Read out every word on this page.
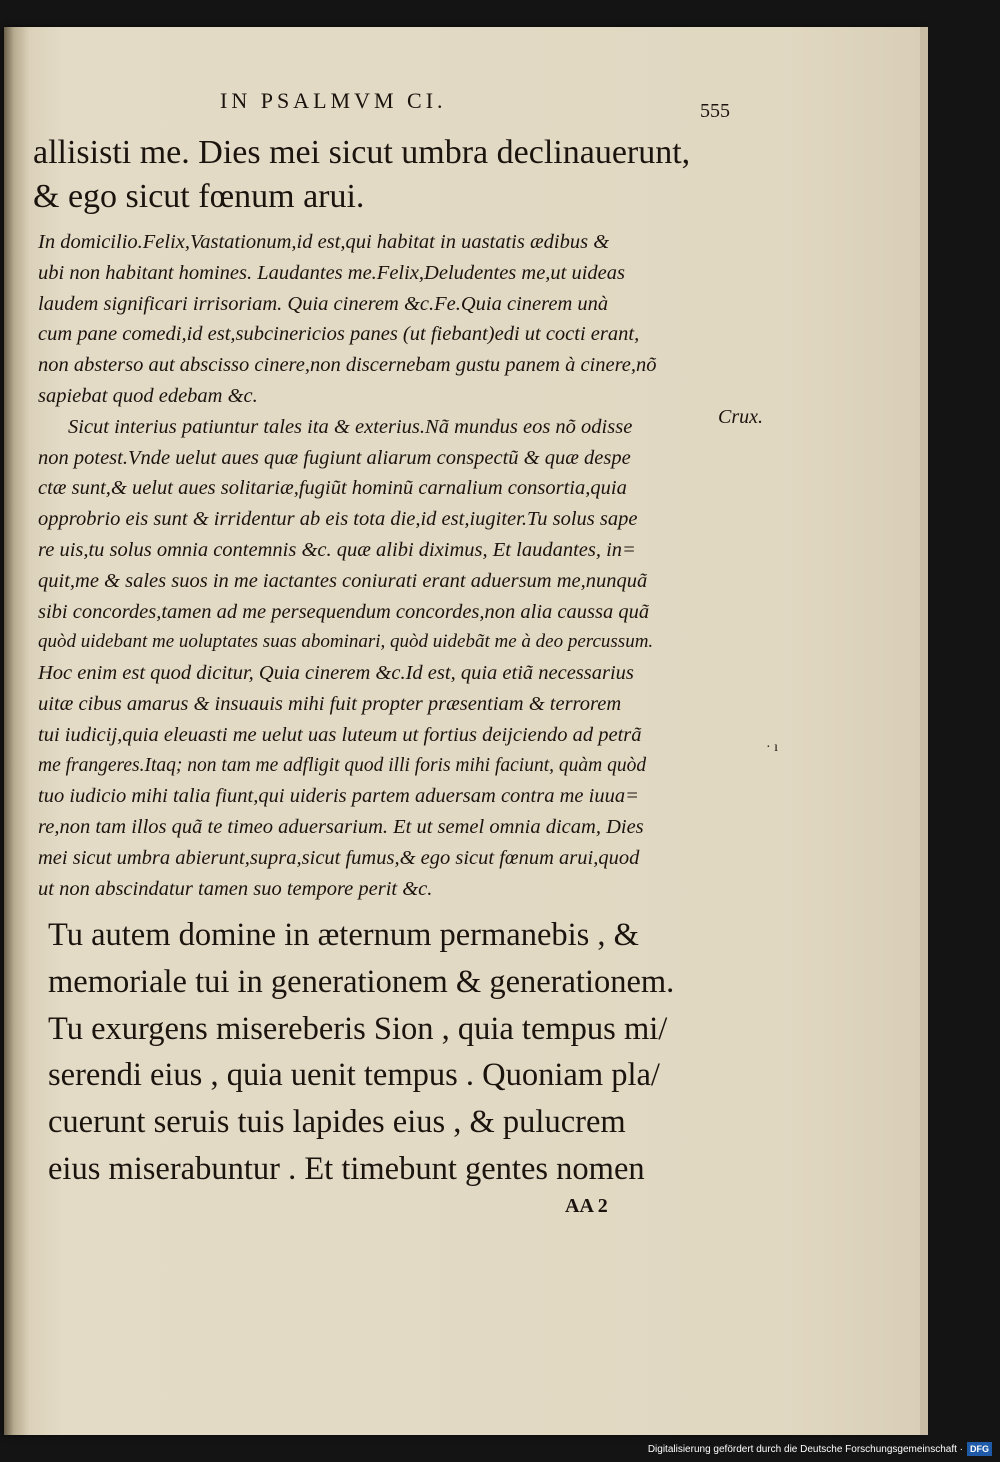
IN PSALMVM CI.	555
allisisti me. Dies mei sicut umbra declinauerunt,
& ego sicut fœnum arui.
In domicilio.Felix,Vastationum,id est,qui habitat in uastatis ædibus &
ubi non habitant homines. Laudantes me.Felix,Deludentes me,ut uideas
laudem significari irrisoriam. Quia cinerem &c.Fe.Quia cinerem unà
cum pane comedi,id est,subcinericios panes (ut fiebant)edi ut cocti erant,
non absterso aut abscisso cinere,non discernebam gustu panem à cinere,nõ
sapiebat quod edebam &c.
Sicut interius patiuntur tales ita & exterius.Nã mundus eos nõ odisse
non potest.Vnde uelut aues quæ fugiunt aliarum conspectũ & quæ despe
ctæ sunt,& uelut aues solitariæ,fugiũt hominũ carnalium consortia,quia
opprobrio eis sunt & irridentur ab eis tota die,id est,iugiter.Tu solus sape
re uis,tu solus omnia contemnis &c. quæ alibi diximus, Et laudantes, in=
quit,me & sales suos in me iactantes coniurati erant aduersum me,nunquã
sibi concordes,tamen ad me persequendum concordes,non alia caussa quã
quòd uidebant me uoluptates suas abominari, quòd uidebãt me à deo percussum.
Hoc enim est quod dicitur, Quia cinerem &c.Id est, quia etiã necessarius
uitæ cibus amarus & insuauis mihi fuit propter præsentiam & terrorem
tui iudicij,quia eleuasti me uelut uas luteum ut fortius deijciendo ad petrã
me frangeres.Itaq; non tam me adfligit quod illi foris mihi faciunt, quàm quòd
tuo iudicio mihi talia fiunt,qui uideris partem aduersam contra me iuua=
re,non tam illos quã te timeo aduersarium. Et ut semel omnia dicam, Dies
mei sicut umbra abierunt,supra,sicut fumus,& ego sicut fœnum arui,quod
ut non abscindatur tamen suo tempore perit &c.
Crux.
· ı
Tu autem domine in æternum permanebis , &
memoriale tui in generationem & generationem.
Tu exurgens misereberis Sion , quia tempus mi/
serendi eius , quia uenit tempus . Quoniam pla/
cuerunt seruis tuis lapides eius , & pulucrem
eius miserabuntur . Et timebunt gentes nomen
AA 2
Digitalisierung gefördert durch die Deutsche Forschungsgemeinschaft · DFG
